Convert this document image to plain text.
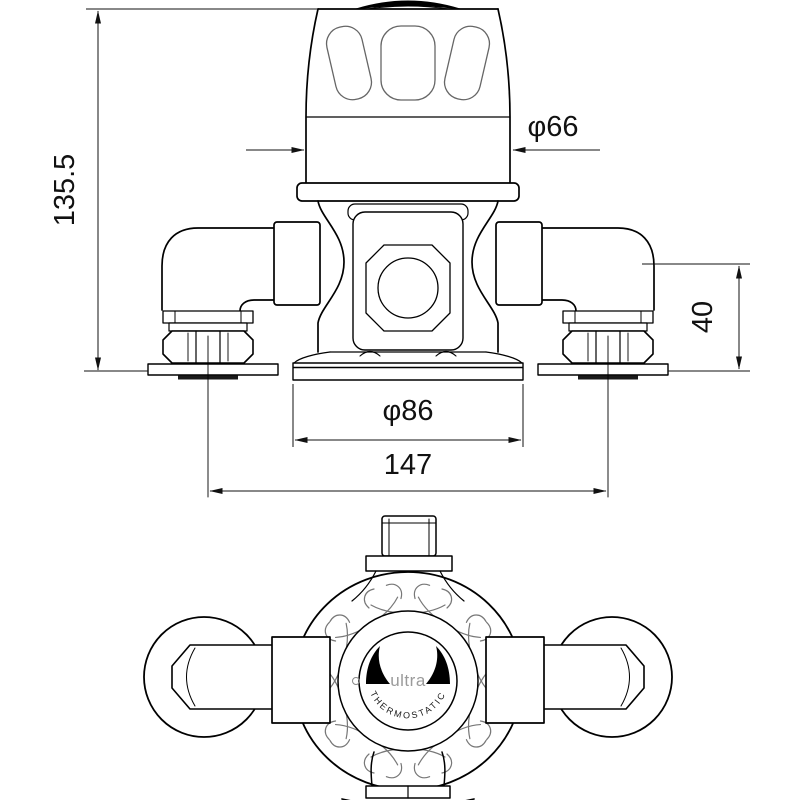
135.5
φ66
40
φ86
147
ultra
THERMOSTATIC
